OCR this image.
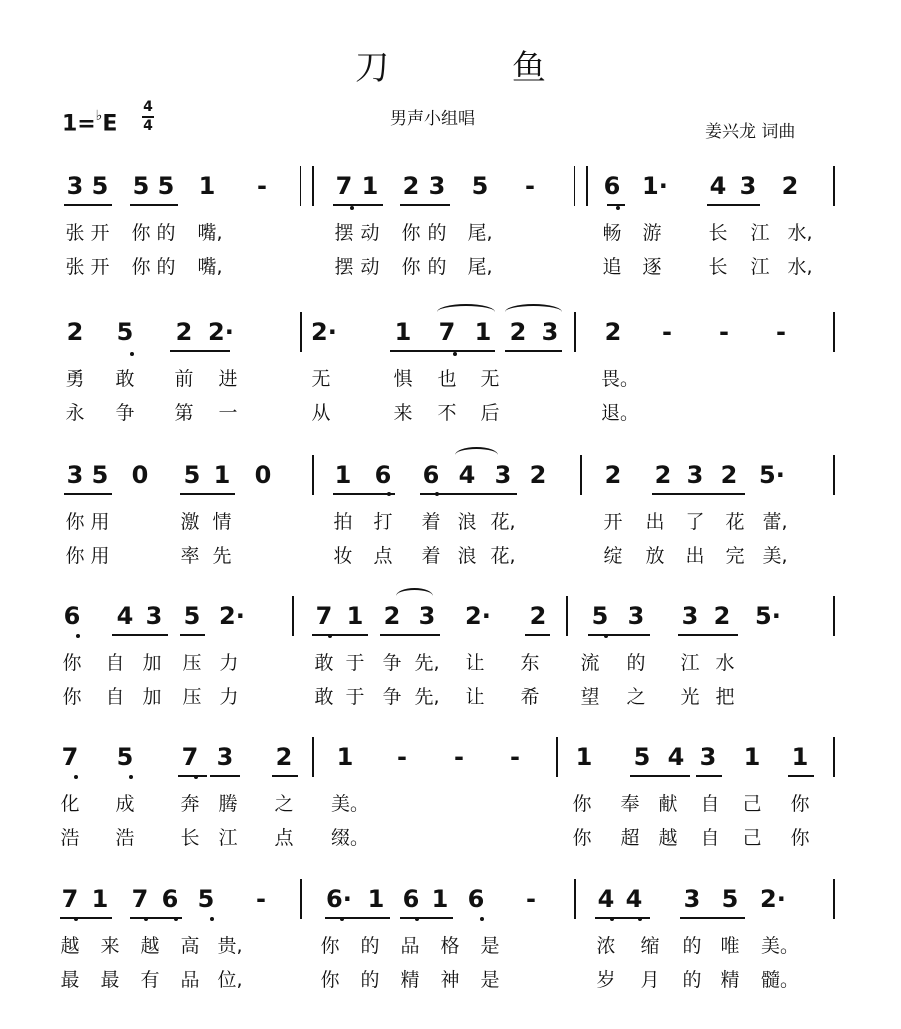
刀 鱼
男声小组唱
姜兴龙 词曲
1=♭E
4
4
3 5 5 5 1 -	7 1 2 3 5 -	6 1· 4 3 2
张 开 你 的 嘴,	摆 动 你 的 尾,	畅 游 长 江 水,
张 开 你 的 嘴,	摆 动 你 的 尾,	追 逐 长 江 水,
2 5 2 2·	2· 1 7 1 2 3 2 - - -
勇 敢 前 进	无	惧 也 无	畏。
永 争 第 一	从	来 不 后	退。
3 5 0 5 1 0	1 6 6 4 3 2 2 2 3 2 5·
你 用	激 情	拍 打 着 浪 花,	开 出 了 花 蕾,
你 用	率 先	妆 点 着 浪 花,	绽 放 出 完 美,
6 4 3 5 2·	7 1 2 3 2· 2 5 3 3 2 5·
你 自 加 压 力	敢 于 争 先, 让 东 流 的 江 水
你 自 加 压 力	敢 于 争 先, 让 希 望 之 光 把
7 5 7 3 2 1 - - - 1 5 4 3 1 1
化 成 奔 腾 之 美。	你 奉 献 自 己 你
浩 浩 长 江 点 缀。	你 超 越 自 己 你
7 1 7 6 5 -	6· 1 6 1 6 -	4 4 3 5 2·
越 来 越 高 贵,	你 的 品 格 是	浓 缩 的 唯 美。
最 最 有 品 位,	你 的 精 神 是	岁 月 的 精 髓。
